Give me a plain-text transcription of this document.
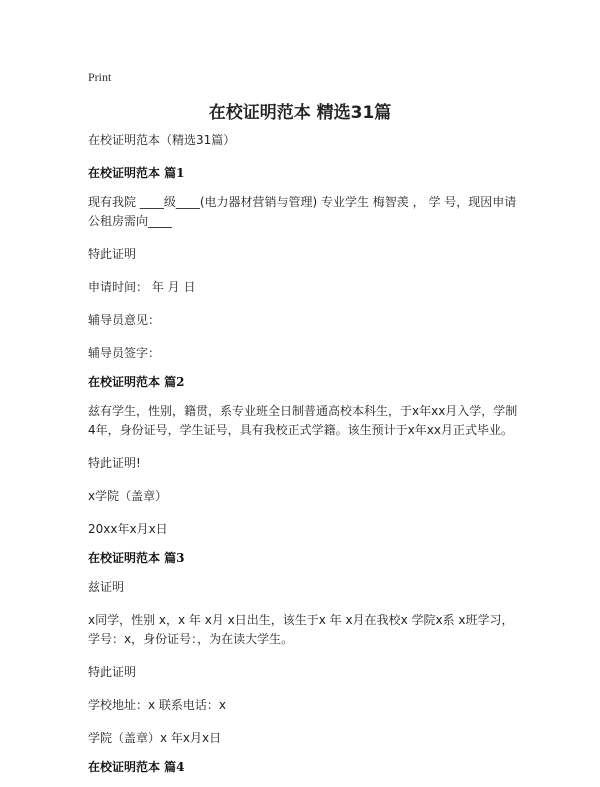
Print
在校证明范本 精选31篇

在校证明范本（精选31篇）

在校证明范本 篇1

现有我院 ____级____(电力器材营销与管理) 专业学生 梅智羡 ， 学 号，现因申请公租房需向____

特此证明

申请时间： 年 月 日

辅导员意见：

辅导员签字：

在校证明范本 篇2

兹有学生，性别，籍贯，系专业班全日制普通高校本科生，于x年xx月入学，学制4年，身份证号，学生证号，具有我校正式学籍。该生预计于x年xx月正式毕业。

特此证明!

x学院（盖章）

20xx年x月x日

在校证明范本 篇3

兹证明

x同学，性别 x，x 年 x月 x日出生，该生于x 年 x月在我校x 学院x系 x班学习，学号：x，身份证号：，为在读大学生。

特此证明

学校地址：x 联系电话：x

学院（盖章）x 年x月x日

在校证明范本 篇4
